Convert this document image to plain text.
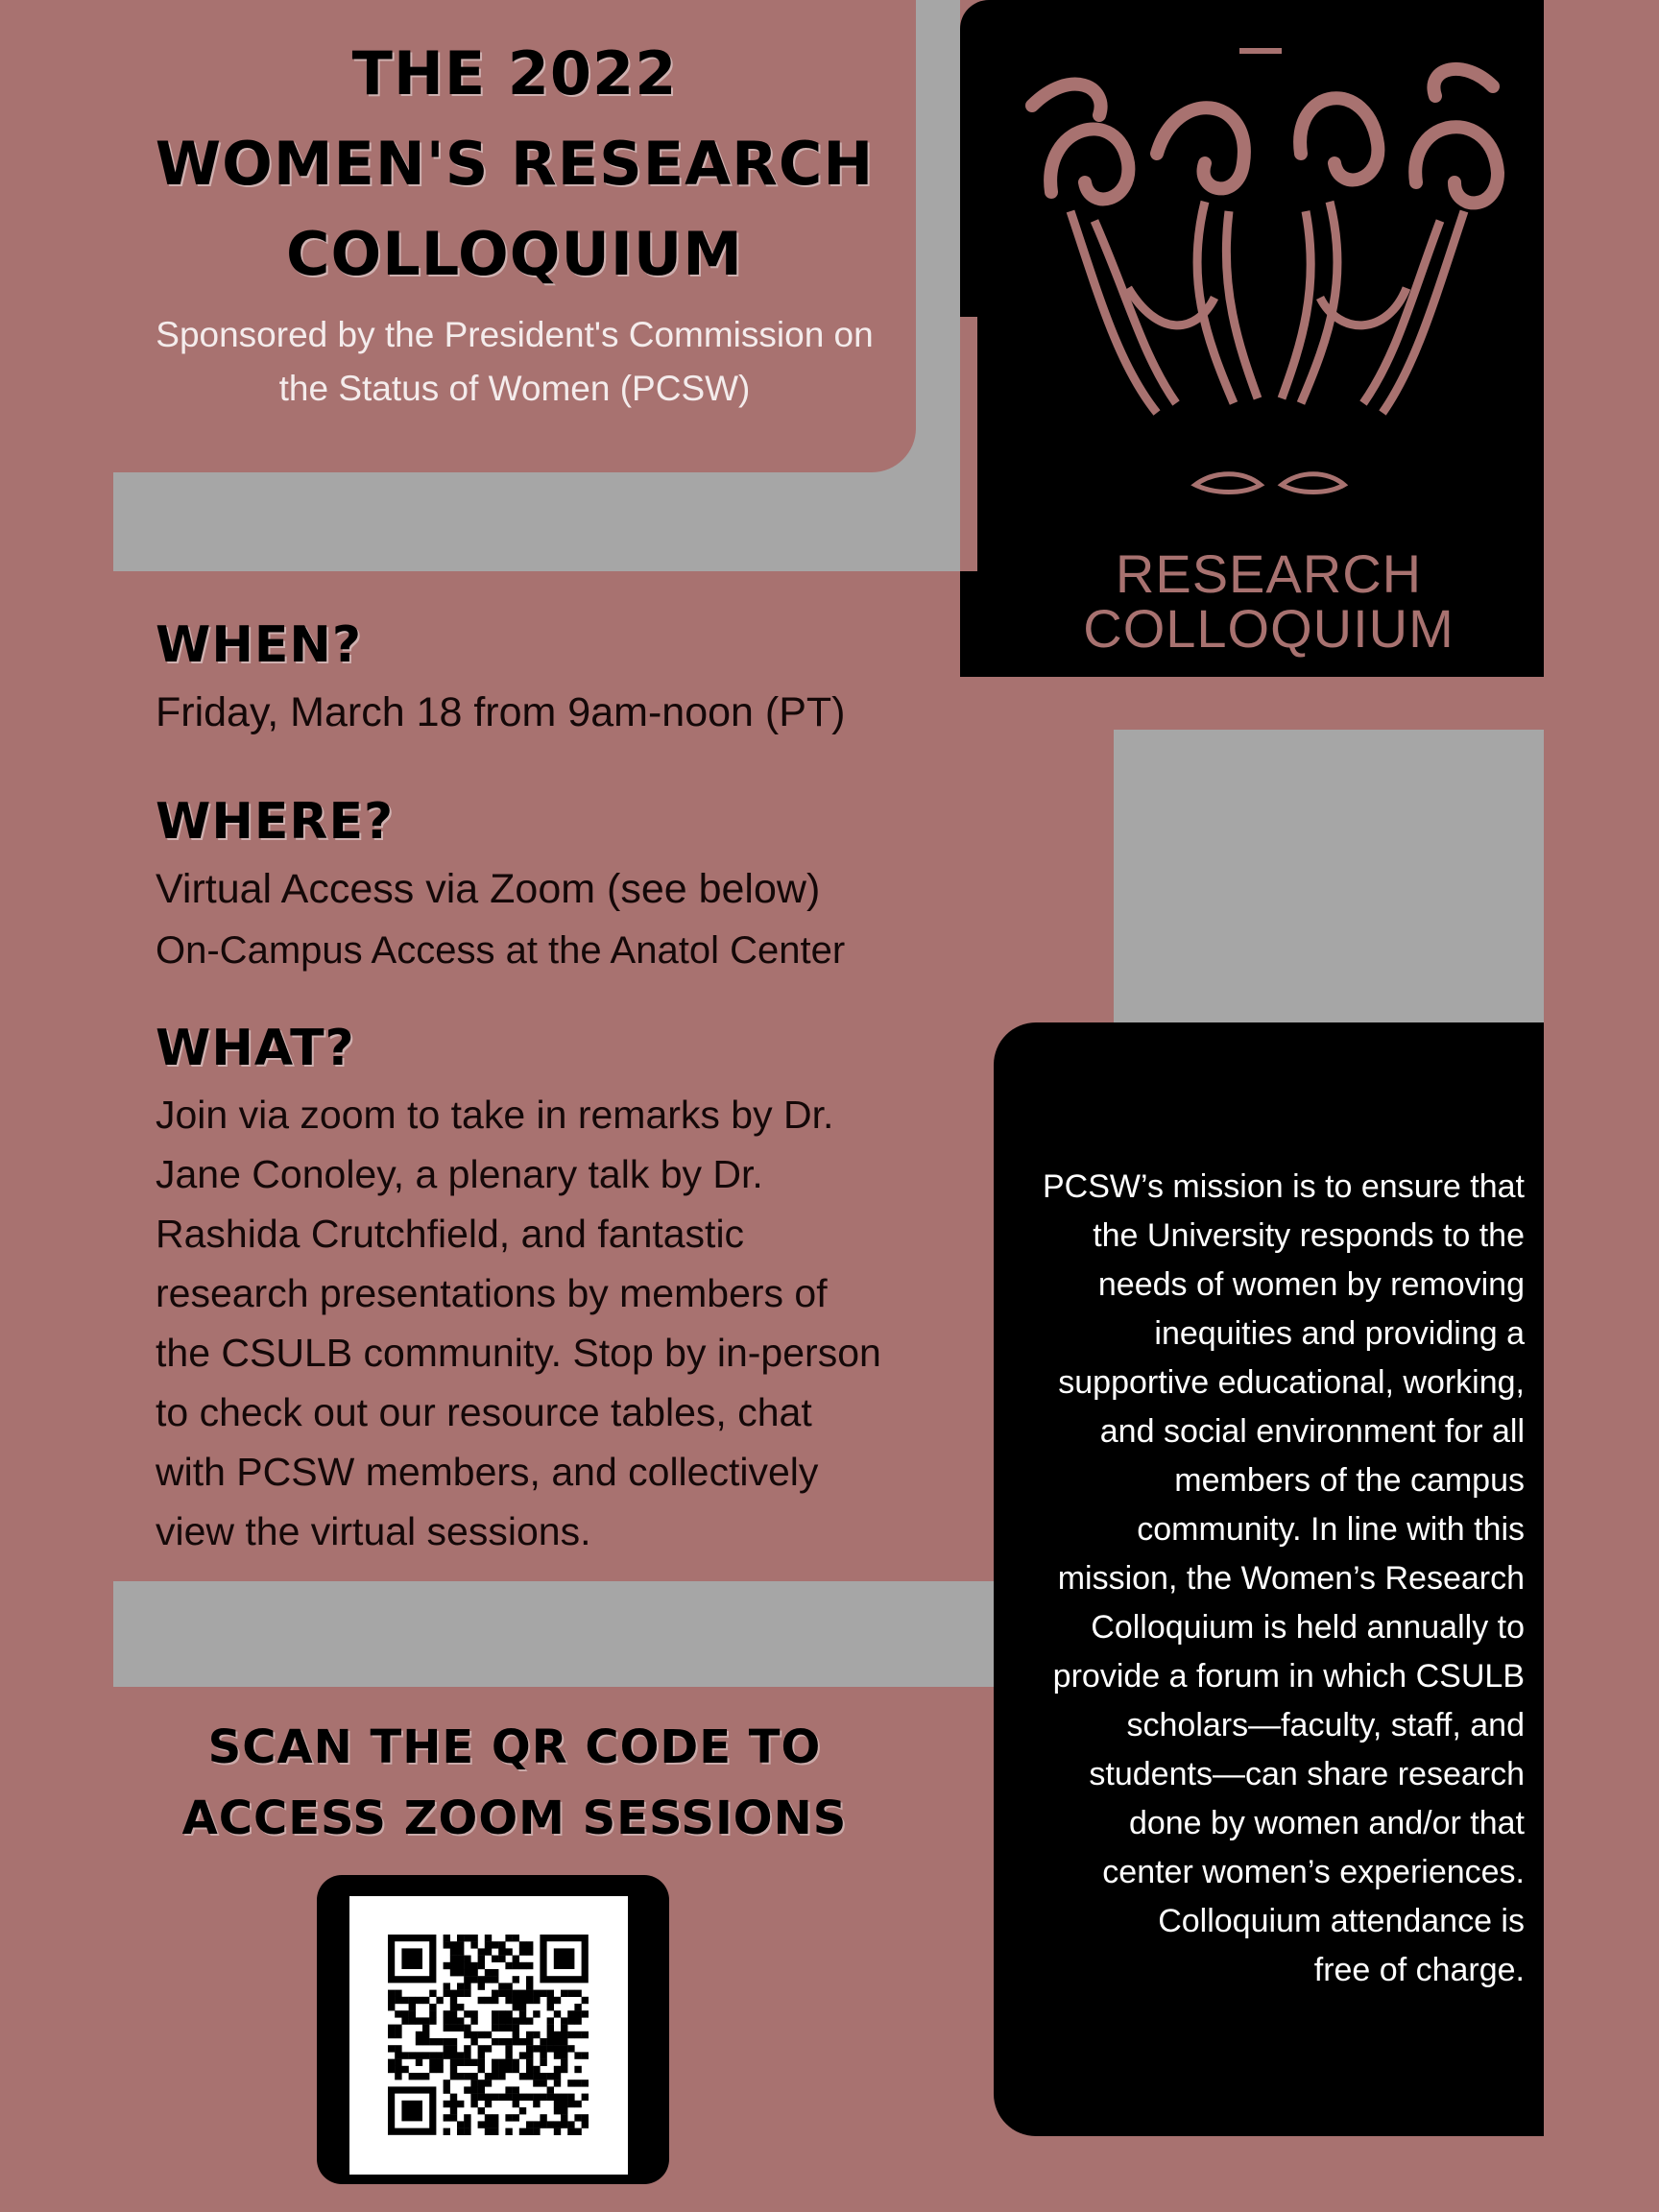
THE 2022
WOMEN'S RESEARCH
COLLOQUIUM
Sponsored by the President's Commission on
the Status of Women (PCSW)
RESEARCH
COLLOQUIUM
WHEN?
Friday, March 18 from 9am-noon (PT)
WHERE?
Virtual Access via Zoom (see below)
On-Campus Access at the Anatol Center
WHAT?
Join via zoom to take in remarks by Dr.
Jane Conoley, a plenary talk by Dr.
Rashida Crutchfield, and fantastic
research presentations by members of
the CSULB community. Stop by in-person
to check out our resource tables, chat
with PCSW members, and collectively
view the virtual sessions.
PCSW’s mission is to ensure that
the University responds to the
needs of women by removing
inequities and providing a
supportive educational, working,
and social environment for all
members of the campus
community. In line with this
mission, the Women’s Research
Colloquium is held annually to
provide a forum in which CSULB
scholars—faculty, staff, and
students—can share research
done by women and/or that
center women’s experiences.
Colloquium attendance is
free of charge.
SCAN THE QR CODE TO
ACCESS ZOOM SESSIONS
